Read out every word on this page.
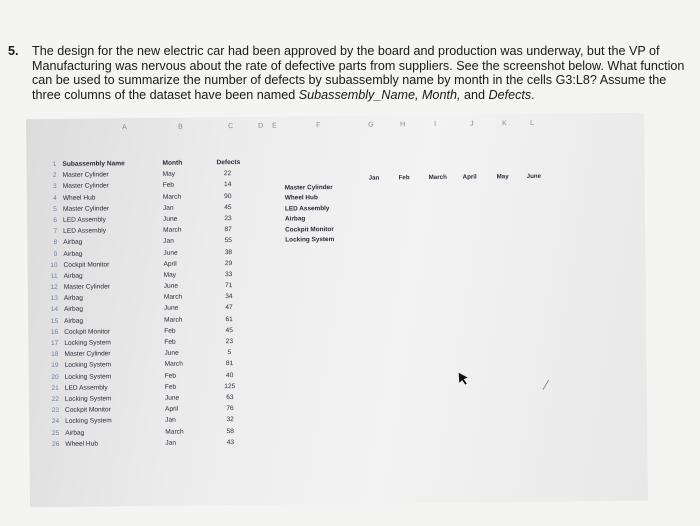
5. The design for the new electric car had been approved by the board and production was underway, but the VP of Manufacturing was nervous about the rate of defective parts from suppliers. See the screenshot below. What function can be used to summarize the number of defects by subassembly name by month in the cells G3:L8? Assume the three columns of the dataset have been named Subassembly_Name, Month, and Defects.
A	B	C	D E	F	G	H	I	J	K	L
1 Subassembly Name	Month	Defects
2 Master Cylinder	May	22
3 Master Cylinder	Feb	14
4 Wheel Hub	March	90
5 Master Cylinder	Jan	45
6 LED Assembly	June	23
7 LED Assembly	March	87
8 Airbag	Jan	55
9 Airbag	June	38
10 Cockpit Monitor	April	29
11 Airbag	May	33
12 Master Cylinder	June	71
13 Airbag	March	34
14 Airbag	June	47
15 Airbag	March	61
16 Cockpit Monitor	Feb	45
17 Locking System	Feb	23
18 Master Cylinder	June	5
19 Locking System	March	81
20 Locking System	Feb	40
21 LED Assembly	Feb	125
22 Locking System	June	63
23 Cockpit Monitor	April	76
24 Locking System	Jan	32
25 Airbag	March	58
26 Wheel Hub	Jan	43
Master Cylinder
Wheel Hub
LED Assembly
Airbag
Cockpit Monitor
Locking System
Jan	Feb	March	April	May	June
